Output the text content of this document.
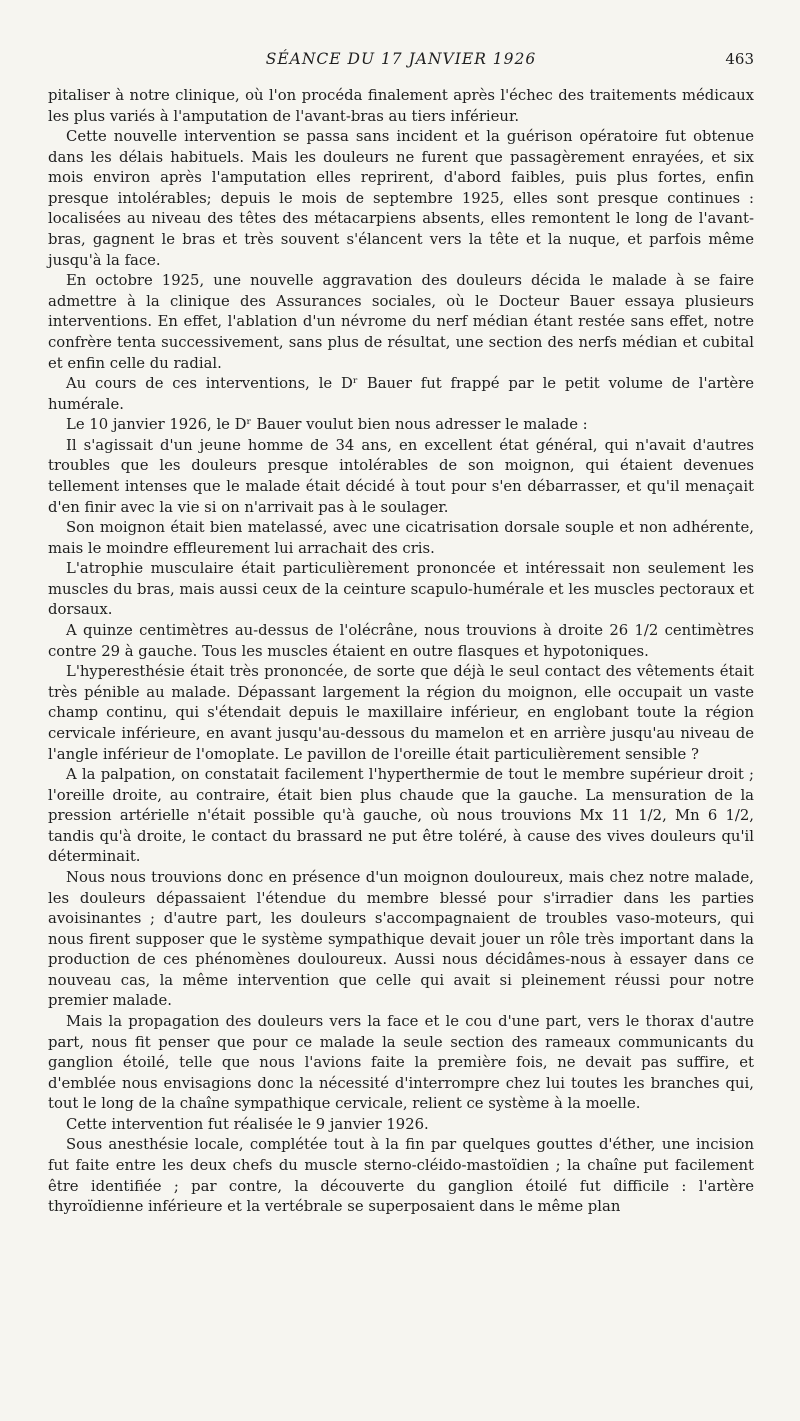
SÉANCE DU 17 JANVIER 1926	463

pitaliser à notre clinique, où l'on procéda finalement après l'échec des traitements médicaux les plus variés à l'amputation de l'avant-bras au tiers inférieur.

Cette nouvelle intervention se passa sans incident et la guérison opératoire fut obtenue dans les délais habituels. Mais les douleurs ne furent que passagèrement enrayées, et six mois environ après l'amputation elles reprirent, d'abord faibles, puis plus fortes, enfin presque intolérables; depuis le mois de septembre 1925, elles sont presque continues : localisées au niveau des têtes des métacarpiens absents, elles remontent le long de l'avant-bras, gagnent le bras et très souvent s'élancent vers la tête et la nuque, et parfois même jusqu'à la face.

En octobre 1925, une nouvelle aggravation des douleurs décida le malade à se faire admettre à la clinique des Assurances sociales, où le Docteur Bauer essaya plusieurs interventions. En effet, l'ablation d'un névrome du nerf médian étant restée sans effet, notre confrère tenta successivement, sans plus de résultat, une section des nerfs médian et cubital et enfin celle du radial.

Au cours de ces interventions, le Dʳ Bauer fut frappé par le petit volume de l'artère humérale.

Le 10 janvier 1926, le Dʳ Bauer voulut bien nous adresser le malade :

Il s'agissait d'un jeune homme de 34 ans, en excellent état général, qui n'avait d'autres troubles que les douleurs presque intolérables de son moignon, qui étaient devenues tellement intenses que le malade était décidé à tout pour s'en débarrasser, et qu'il menaçait d'en finir avec la vie si on n'arrivait pas à le soulager.

Son moignon était bien matelassé, avec une cicatrisation dorsale souple et non adhérente, mais le moindre effleurement lui arrachait des cris.

L'atrophie musculaire était particulièrement prononcée et intéressait non seulement les muscles du bras, mais aussi ceux de la ceinture scapulo-humérale et les muscles pectoraux et dorsaux.

A quinze centimètres au-dessus de l'olécrâne, nous trouvions à droite 26 1/2 centimètres contre 29 à gauche. Tous les muscles étaient en outre flasques et hypotoniques.

L'hyperesthésie était très prononcée, de sorte que déjà le seul contact des vêtements était très pénible au malade. Dépassant largement la région du moignon, elle occupait un vaste champ continu, qui s'étendait depuis le maxillaire inférieur, en englobant toute la région cervicale inférieure, en avant jusqu'au-dessous du mamelon et en arrière jusqu'au niveau de l'angle inférieur de l'omoplate. Le pavillon de l'oreille était particulièrement sensible ?

A la palpation, on constatait facilement l'hyperthermie de tout le membre supérieur droit ; l'oreille droite, au contraire, était bien plus chaude que la gauche. La mensuration de la pression artérielle n'était possible qu'à gauche, où nous trouvions Mx 11 1/2, Mn 6 1/2, tandis qu'à droite, le contact du brassard ne put être toléré, à cause des vives douleurs qu'il déterminait.

Nous nous trouvions donc en présence d'un moignon douloureux, mais chez notre malade, les douleurs dépassaient l'étendue du membre blessé pour s'irradier dans les parties avoisinantes ; d'autre part, les douleurs s'accompagnaient de troubles vaso-moteurs, qui nous firent supposer que le système sympathique devait jouer un rôle très important dans la production de ces phénomènes douloureux. Aussi nous décidâmes-nous à essayer dans ce nouveau cas, la même intervention que celle qui avait si pleinement réussi pour notre premier malade.

Mais la propagation des douleurs vers la face et le cou d'une part, vers le thorax d'autre part, nous fit penser que pour ce malade la seule section des rameaux communicants du ganglion étoilé, telle que nous l'avions faite la première fois, ne devait pas suffire, et d'emblée nous envisagions donc la nécessité d'interrompre chez lui toutes les branches qui, tout le long de la chaîne sympathique cervicale, relient ce système à la moelle.

Cette intervention fut réalisée le 9 janvier 1926.

Sous anesthésie locale, complétée tout à la fin par quelques gouttes d'éther, une incision fut faite entre les deux chefs du muscle sterno-cléido-mastoïdien ; la chaîne put facilement être identifiée ; par contre, la découverte du ganglion étoilé fut difficile : l'artère thyroïdienne inférieure et la vertébrale se superposaient dans le même plan
